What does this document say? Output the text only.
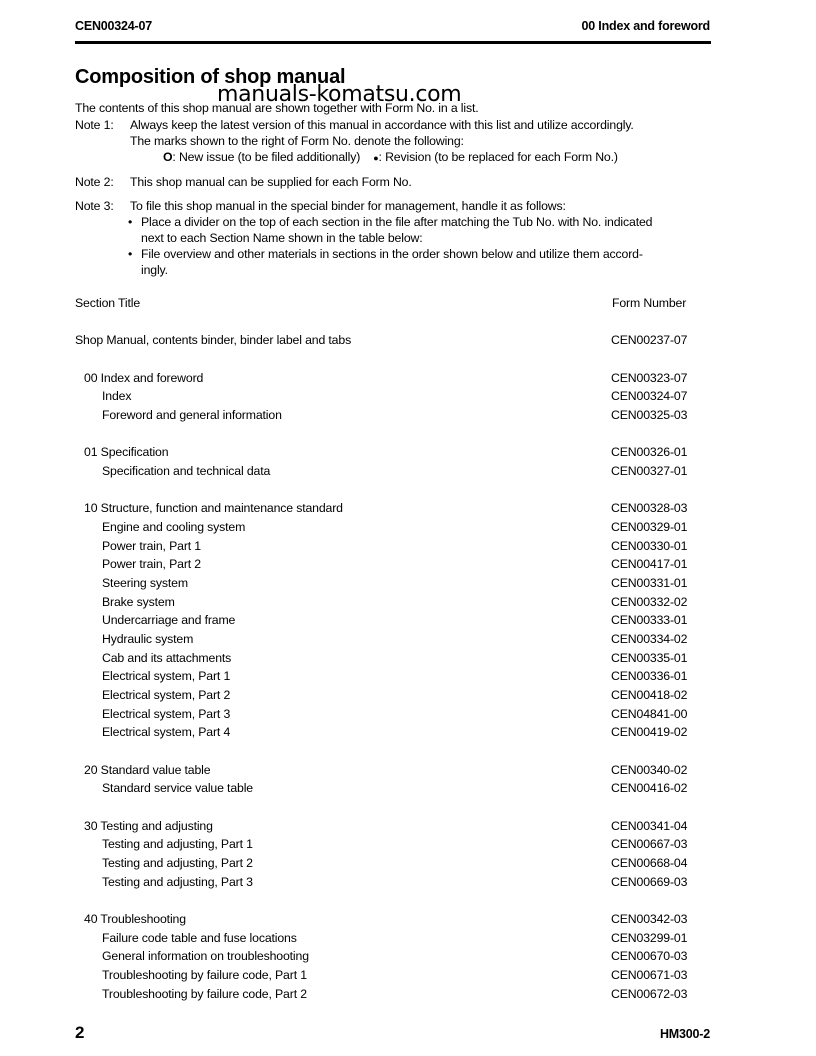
CEN00324-07	00 Index and foreword
Composition of shop manual
manuals-komatsu.com
The contents of this shop manual are shown together with Form No. in a list.
Note 1: Always keep the latest version of this manual in accordance with this list and utilize accordingly.
The marks shown to the right of Form No. denote the following:
O: New issue (to be filed additionally) ●: Revision (to be replaced for each Form No.)
Note 2: This shop manual can be supplied for each Form No.
Note 3: To file this shop manual in the special binder for management, handle it as follows:
• Place a divider on the top of each section in the file after matching the Tub No. with No. indicated
next to each Section Name shown in the table below:
• File overview and other materials in sections in the order shown below and utilize them accord-
ingly.
Section Title	Form Number
Shop Manual, contents binder, binder label and tabs	CEN00237-07
00 Index and foreword	CEN00323-07
Index	CEN00324-07
Foreword and general information	CEN00325-03
01 Specification	CEN00326-01
Specification and technical data	CEN00327-01
10 Structure, function and maintenance standard	CEN00328-03
Engine and cooling system	CEN00329-01
Power train, Part 1	CEN00330-01
Power train, Part 2	CEN00417-01
Steering system	CEN00331-01
Brake system	CEN00332-02
Undercarriage and frame	CEN00333-01
Hydraulic system	CEN00334-02
Cab and its attachments	CEN00335-01
Electrical system, Part 1	CEN00336-01
Electrical system, Part 2	CEN00418-02
Electrical system, Part 3	CEN04841-00
Electrical system, Part 4	CEN00419-02
20 Standard value table	CEN00340-02
Standard service value table	CEN00416-02
30 Testing and adjusting	CEN00341-04
Testing and adjusting, Part 1	CEN00667-03
Testing and adjusting, Part 2	CEN00668-04
Testing and adjusting, Part 3	CEN00669-03
40 Troubleshooting	CEN00342-03
Failure code table and fuse locations	CEN03299-01
General information on troubleshooting	CEN00670-03
Troubleshooting by failure code, Part 1	CEN00671-03
Troubleshooting by failure code, Part 2	CEN00672-03
2	HM300-2
